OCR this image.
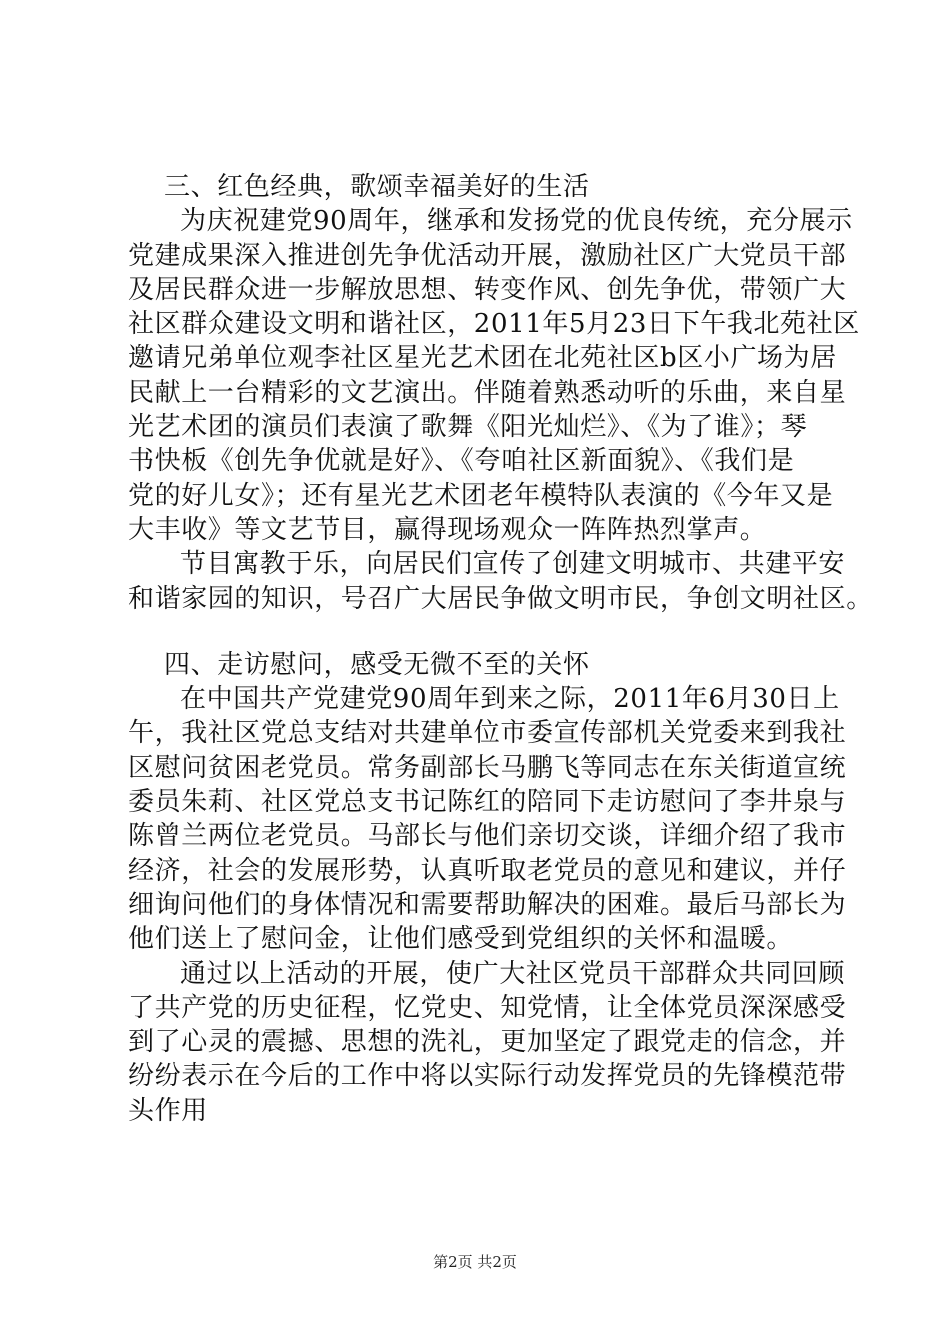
三、红色经典，歌颂幸福美好的生活
为庆祝建党90周年，继承和发扬党的优良传统，充分展示
党建成果深入推进创先争优活动开展，激励社区广大党员干部
及居民群众进一步解放思想、转变作风、创先争优，带领广大
社区群众建设文明和谐社区，2011年5月23日下午我北苑社区
邀请兄弟单位观李社区星光艺术团在北苑社区b区小广场为居
民献上一台精彩的文艺演出。伴随着熟悉动听的乐曲，来自星
光艺术团的演员们表演了歌舞《阳光灿烂》、《为了谁》；琴
书快板《创先争优就是好》、《夸咱社区新面貌》、《我们是
党的好儿女》；还有星光艺术团老年模特队表演的《今年又是
大丰收》等文艺节目，赢得现场观众一阵阵热烈掌声。
节目寓教于乐，向居民们宣传了创建文明城市、共建平安
和谐家园的知识，号召广大居民争做文明市民，争创文明社区。
四、走访慰问，感受无微不至的关怀
在中国共产党建党90周年到来之际，2011年6月30日上
午，我社区党总支结对共建单位市委宣传部机关党委来到我社
区慰问贫困老党员。常务副部长马鹏飞等同志在东关街道宣统
委员朱莉、社区党总支书记陈红的陪同下走访慰问了李井泉与
陈曾兰两位老党员。马部长与他们亲切交谈，详细介绍了我市
经济，社会的发展形势，认真听取老党员的意见和建议，并仔
细询问他们的身体情况和需要帮助解决的困难。最后马部长为
他们送上了慰问金，让他们感受到党组织的关怀和温暖。
通过以上活动的开展，使广大社区党员干部群众共同回顾
了共产党的历史征程，忆党史、知党情，让全体党员深深感受
到了心灵的震撼、思想的洗礼，更加坚定了跟党走的信念，并
纷纷表示在今后的工作中将以实际行动发挥党员的先锋模范带
头作用
第2页 共2页
